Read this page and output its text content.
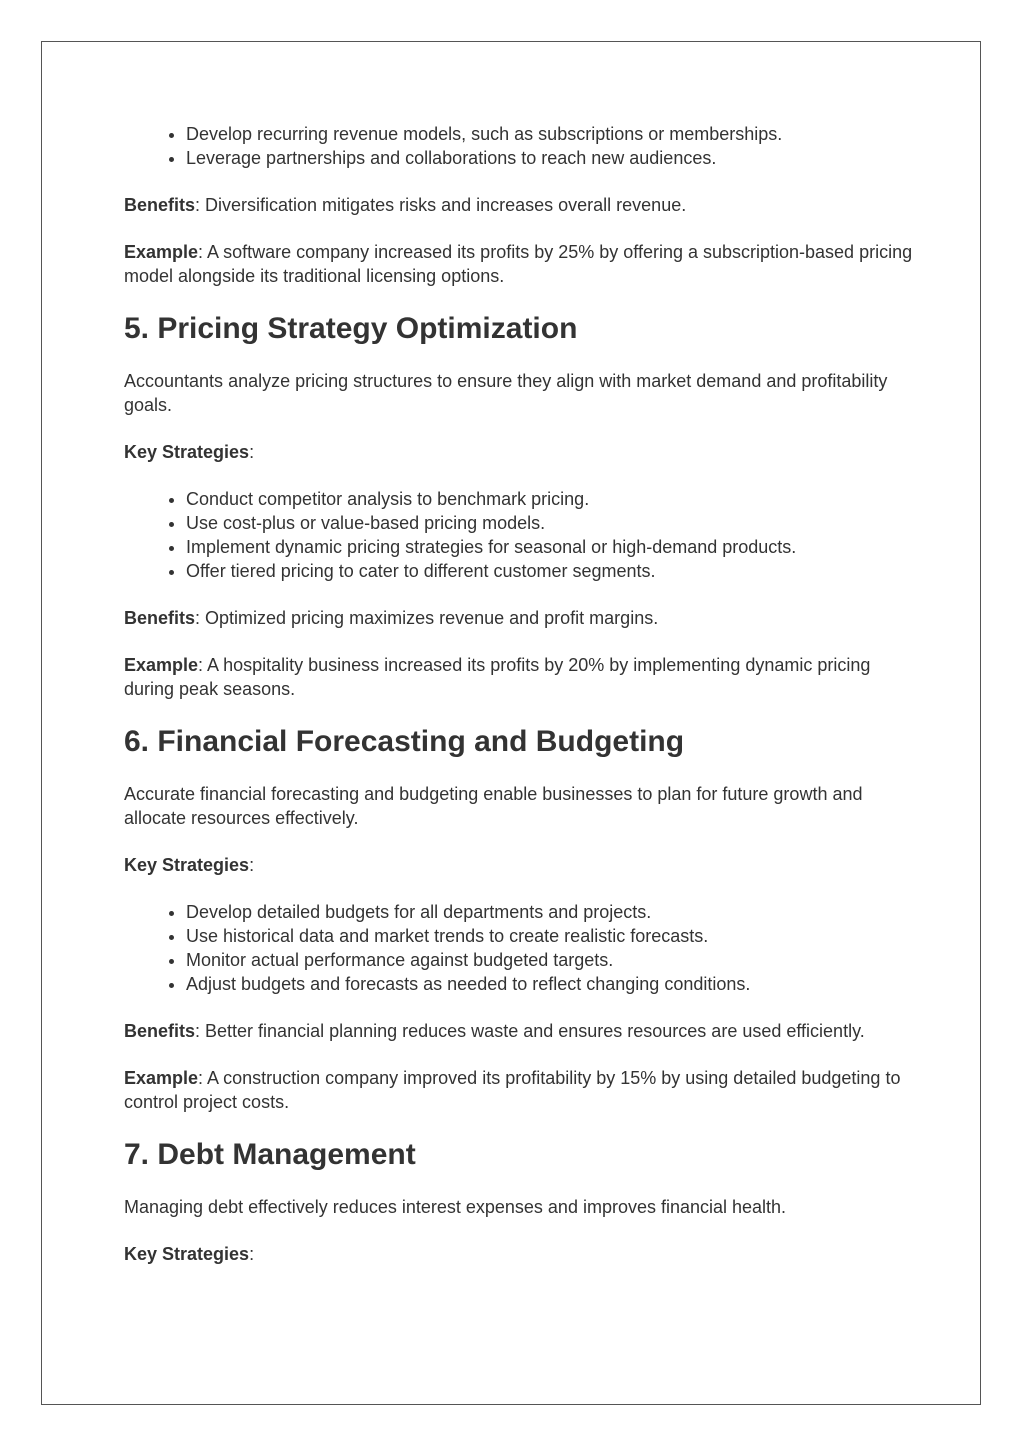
• Develop recurring revenue models, such as subscriptions or memberships.
• Leverage partnerships and collaborations to reach new audiences.

Benefits: Diversification mitigates risks and increases overall revenue.

Example: A software company increased its profits by 25% by offering a subscription-based pricing model alongside its traditional licensing options.

5. Pricing Strategy Optimization

Accountants analyze pricing structures to ensure they align with market demand and profitability goals.

Key Strategies:

• Conduct competitor analysis to benchmark pricing.
• Use cost-plus or value-based pricing models.
• Implement dynamic pricing strategies for seasonal or high-demand products.
• Offer tiered pricing to cater to different customer segments.

Benefits: Optimized pricing maximizes revenue and profit margins.

Example: A hospitality business increased its profits by 20% by implementing dynamic pricing during peak seasons.

6. Financial Forecasting and Budgeting

Accurate financial forecasting and budgeting enable businesses to plan for future growth and allocate resources effectively.

Key Strategies:

• Develop detailed budgets for all departments and projects.
• Use historical data and market trends to create realistic forecasts.
• Monitor actual performance against budgeted targets.
• Adjust budgets and forecasts as needed to reflect changing conditions.

Benefits: Better financial planning reduces waste and ensures resources are used efficiently.

Example: A construction company improved its profitability by 15% by using detailed budgeting to control project costs.

7. Debt Management

Managing debt effectively reduces interest expenses and improves financial health.

Key Strategies:
